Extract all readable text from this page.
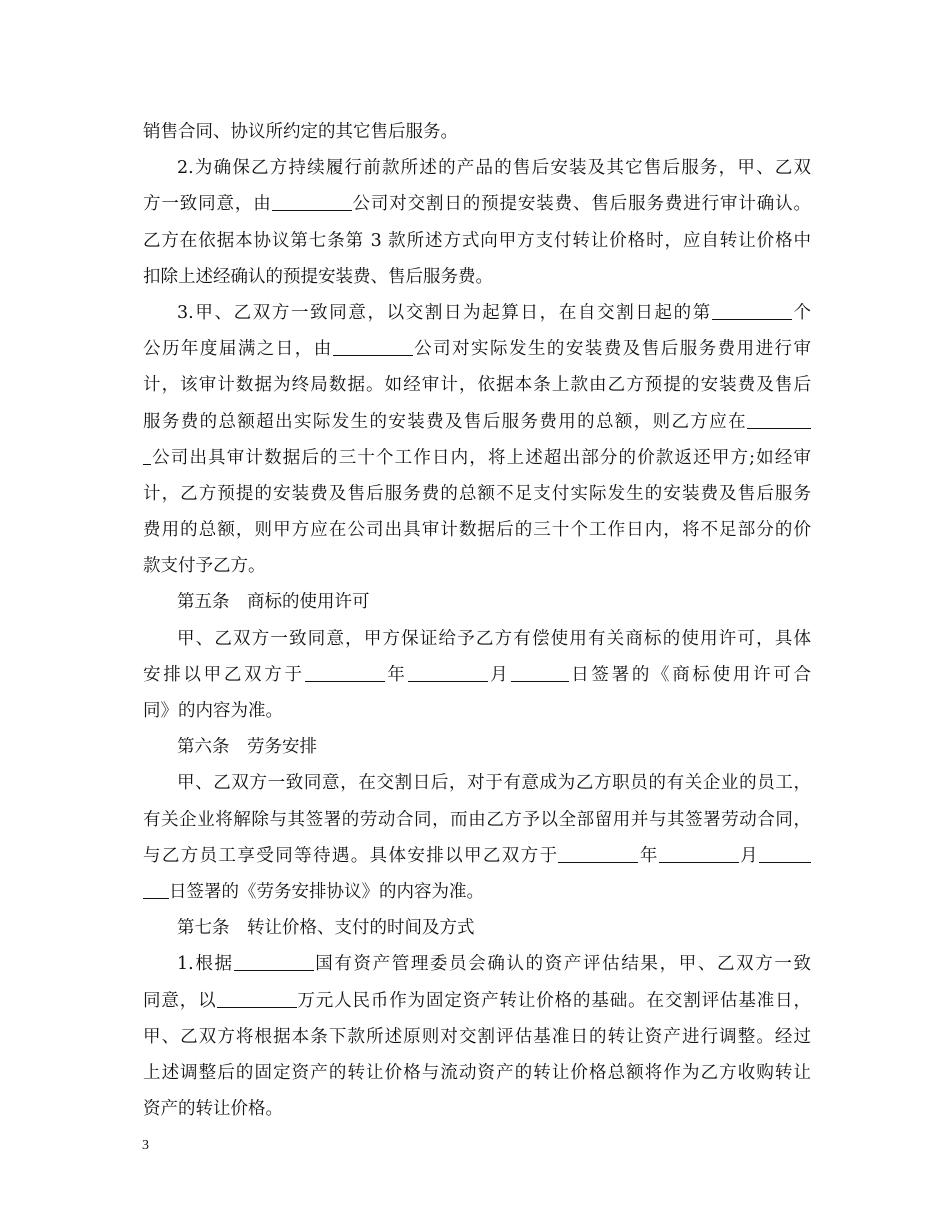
销售合同、协议所约定的其它售后服务。
2.为确保乙方持续履行前款所述的产品的售后安装及其它售后服务，甲、乙双
方一致同意，由	公司对交割日的预提安装费、售后服务费进行审计确认。
乙方在依据本协议第七条第 3 款所述方式向甲方支付转让价格时，应自转让价格中
扣除上述经确认的预提安装费、售后服务费。
3.甲、乙双方一致同意，以交割日为起算日，在自交割日起的第	个
公历年度届满之日，由	公司对实际发生的安装费及售后服务费用进行审
计，该审计数据为终局数据。如经审计，依据本条上款由乙方预提的安装费及售后
服务费的总额超出实际发生的安装费及售后服务费用的总额，则乙方应在
公司出具审计数据后的三十个工作日内，将上述超出部分的价款返还甲方;如经审
计，乙方预提的安装费及售后服务费的总额不足支付实际发生的安装费及售后服务
费用的总额，则甲方应在公司出具审计数据后的三十个工作日内，将不足部分的价
款支付予乙方。
第五条　商标的使用许可
甲、乙双方一致同意，甲方保证给予乙方有偿使用有关商标的使用许可，具体
安排以甲乙双方于	年	月	日签署的《商标使用许可合
同》的内容为准。
第六条　劳务安排
甲、乙双方一致同意，在交割日后，对于有意成为乙方职员的有关企业的员工，
有关企业将解除与其签署的劳动合同，而由乙方予以全部留用并与其签署劳动合同，
与乙方员工享受同等待遇。具体安排以甲乙双方于	年	月
日签署的《劳务安排协议》的内容为准。
第七条　转让价格、支付的时间及方式
1.根据	国有资产管理委员会确认的资产评估结果，甲、乙双方一致
同意，以	万元人民币作为固定资产转让价格的基础。在交割评估基准日，
甲、乙双方将根据本条下款所述原则对交割评估基准日的转让资产进行调整。经过
上述调整后的固定资产的转让价格与流动资产的转让价格总额将作为乙方收购转让
资产的转让价格。
3
